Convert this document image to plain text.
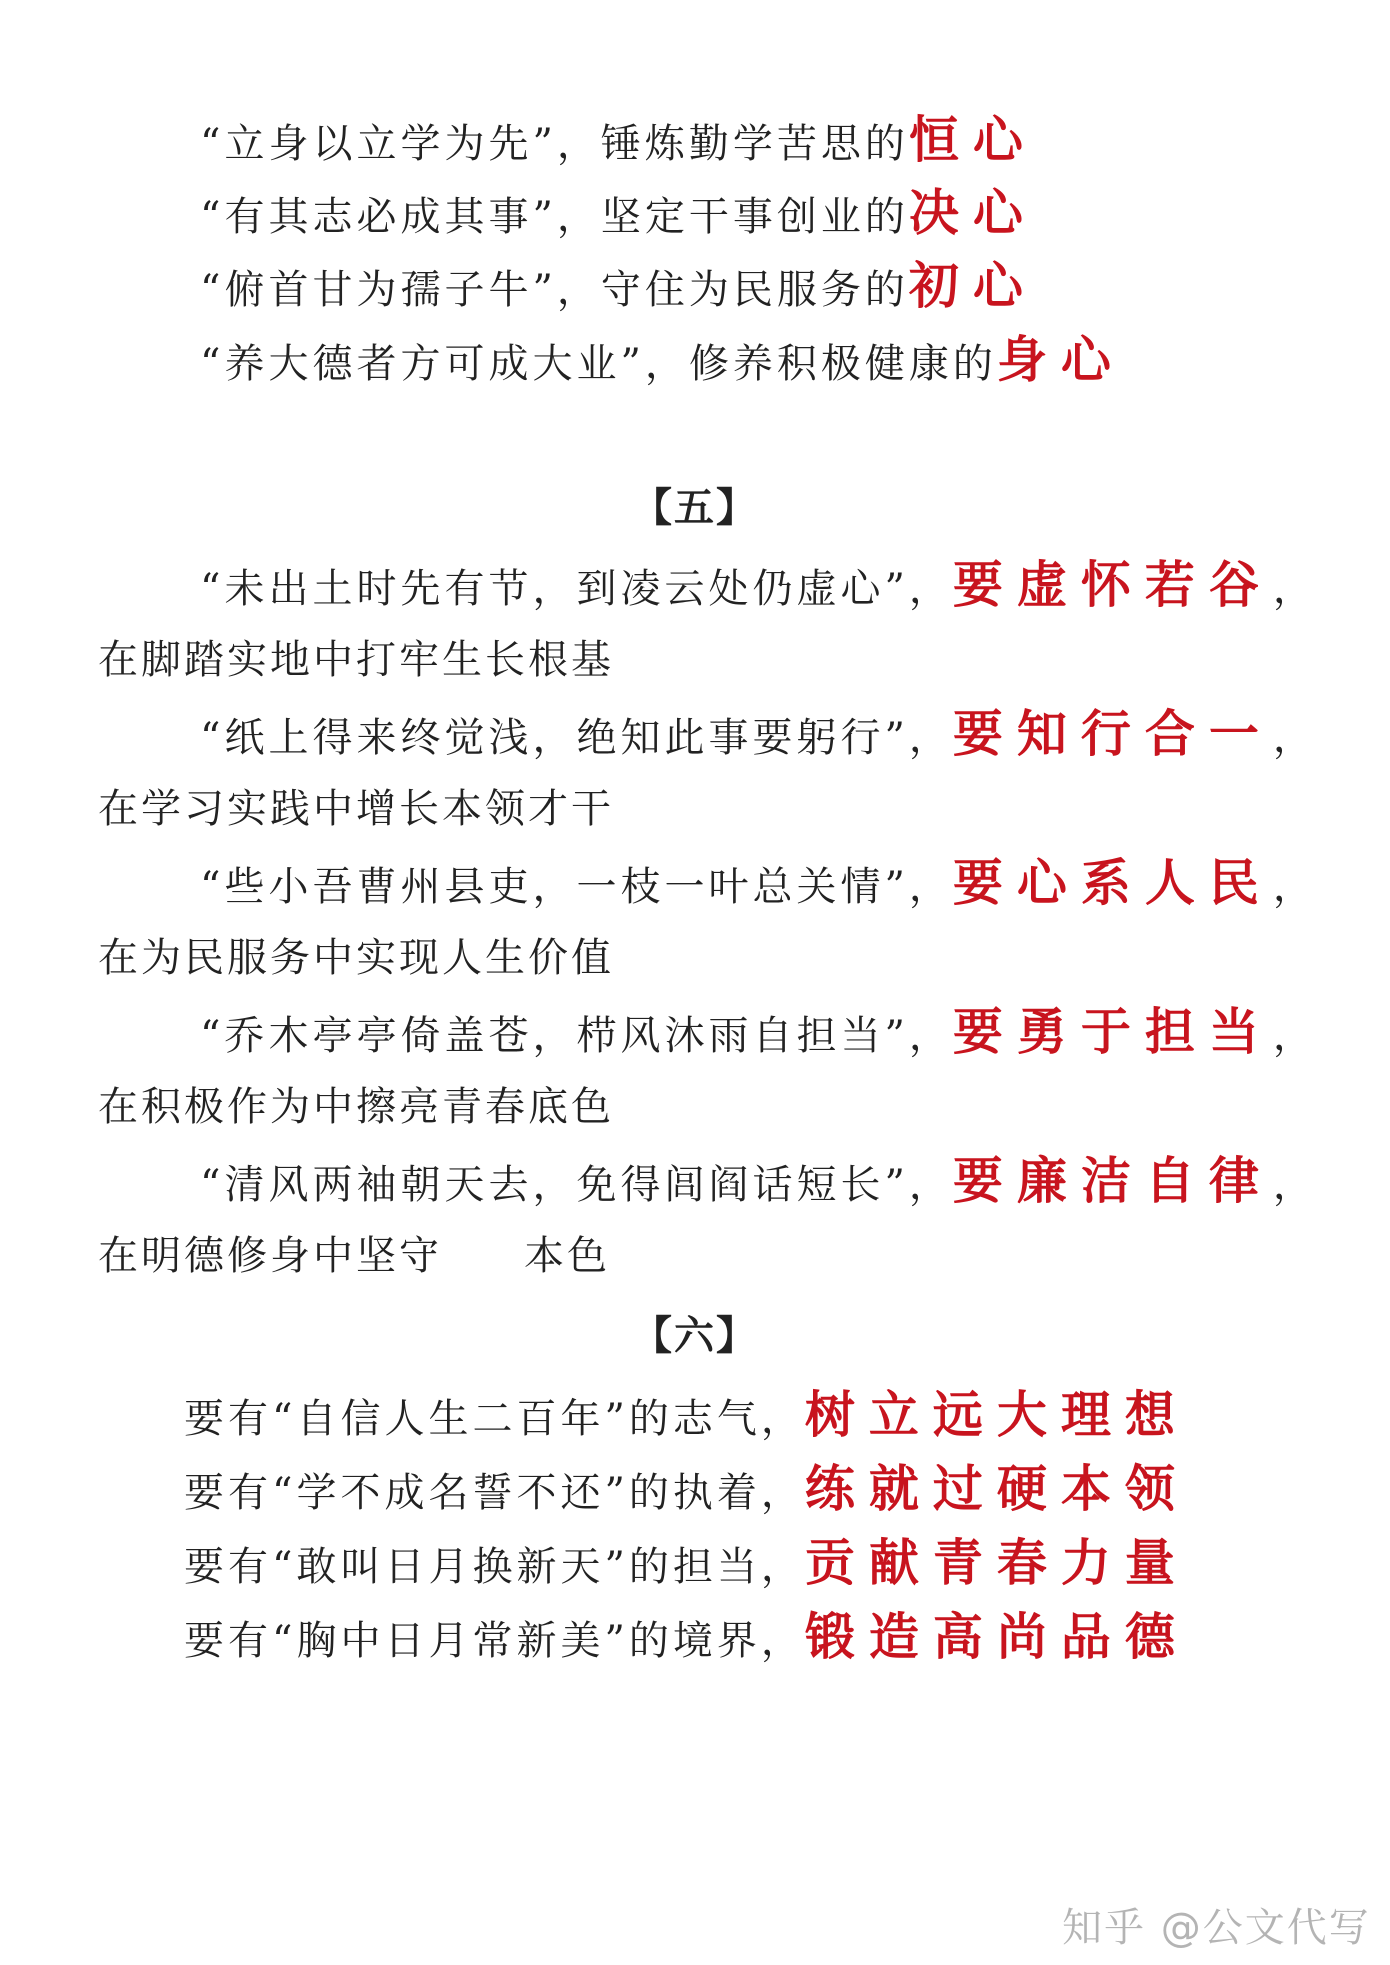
“立身以立学为先”，锤炼勤学苦思的恒心
“有其志必成其事”，坚定干事创业的决心
“俯首甘为孺子牛”，守住为民服务的初心
“养大德者方可成大业”，修养积极健康的身心
【五】
“未出土时先有节，到凌云处仍虚心”，要虚怀若谷，
在脚踏实地中打牢生长根基
“纸上得来终觉浅，绝知此事要躬行”，要知行合一，
在学习实践中增长本领才干
“些小吾曹州县吏，一枝一叶总关情”，要心系人民，
在为民服务中实现人生价值
“乔木亭亭倚盖苍，栉风沐雨自担当”，要勇于担当，
在积极作为中擦亮青春底色
“清风两袖朝天去，免得闾阎话短长”，要廉洁自律，
在明德修身中坚守 本色
【六】
要有“自信人生二百年”的志气，树立远大理想
要有“学不成名誓不还”的执着，练就过硬本领
要有“敢叫日月换新天”的担当，贡献青春力量
要有“胸中日月常新美”的境界，锻造高尚品德
知乎 @公文代写
